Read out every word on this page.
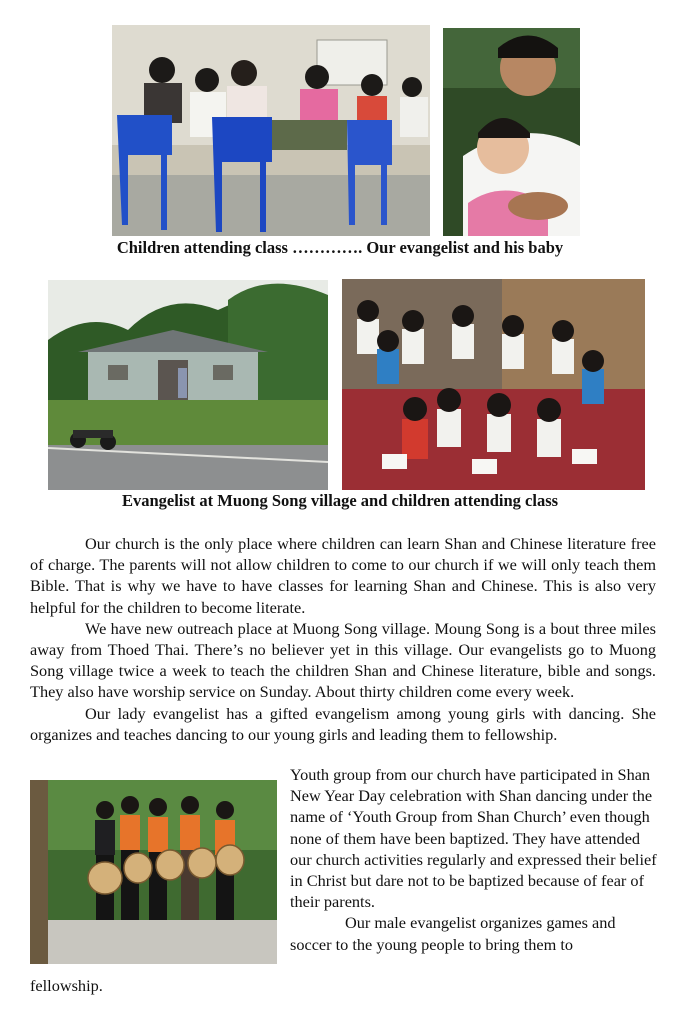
Children attending class …………. Our evangelist and his baby
Evangelist at Muong Song village and children attending class

Our church is the only place where children can learn Shan and Chinese literature free of charge. The parents will not allow children to come to our church if we will only teach them Bible. That is why we have to have classes for learning Shan and Chinese. This is also very helpful for the children to become literate.

We have new outreach place at Muong Song village. Moung Song is a bout three miles away from Thoed Thai. There’s no believer yet in this village. Our evangelists go to Muong Song village twice a week to teach the children Shan and Chinese literature, bible and songs. They also have worship service on Sunday. About thirty children come every week.

Our lady evangelist has a gifted evangelism among young girls with dancing. She organizes and teaches dancing to our young girls and leading them to fellowship.

Youth group from our church have participated in Shan New Year Day celebration with Shan dancing under the name of ‘Youth Group from Shan Church’ even though none of them have been baptized. They have attended our church activities regularly and expressed their belief in Christ but dare not to be baptized because of fear of their parents.

Our male evangelist organizes games and soccer to the young people to bring them to

fellowship.
